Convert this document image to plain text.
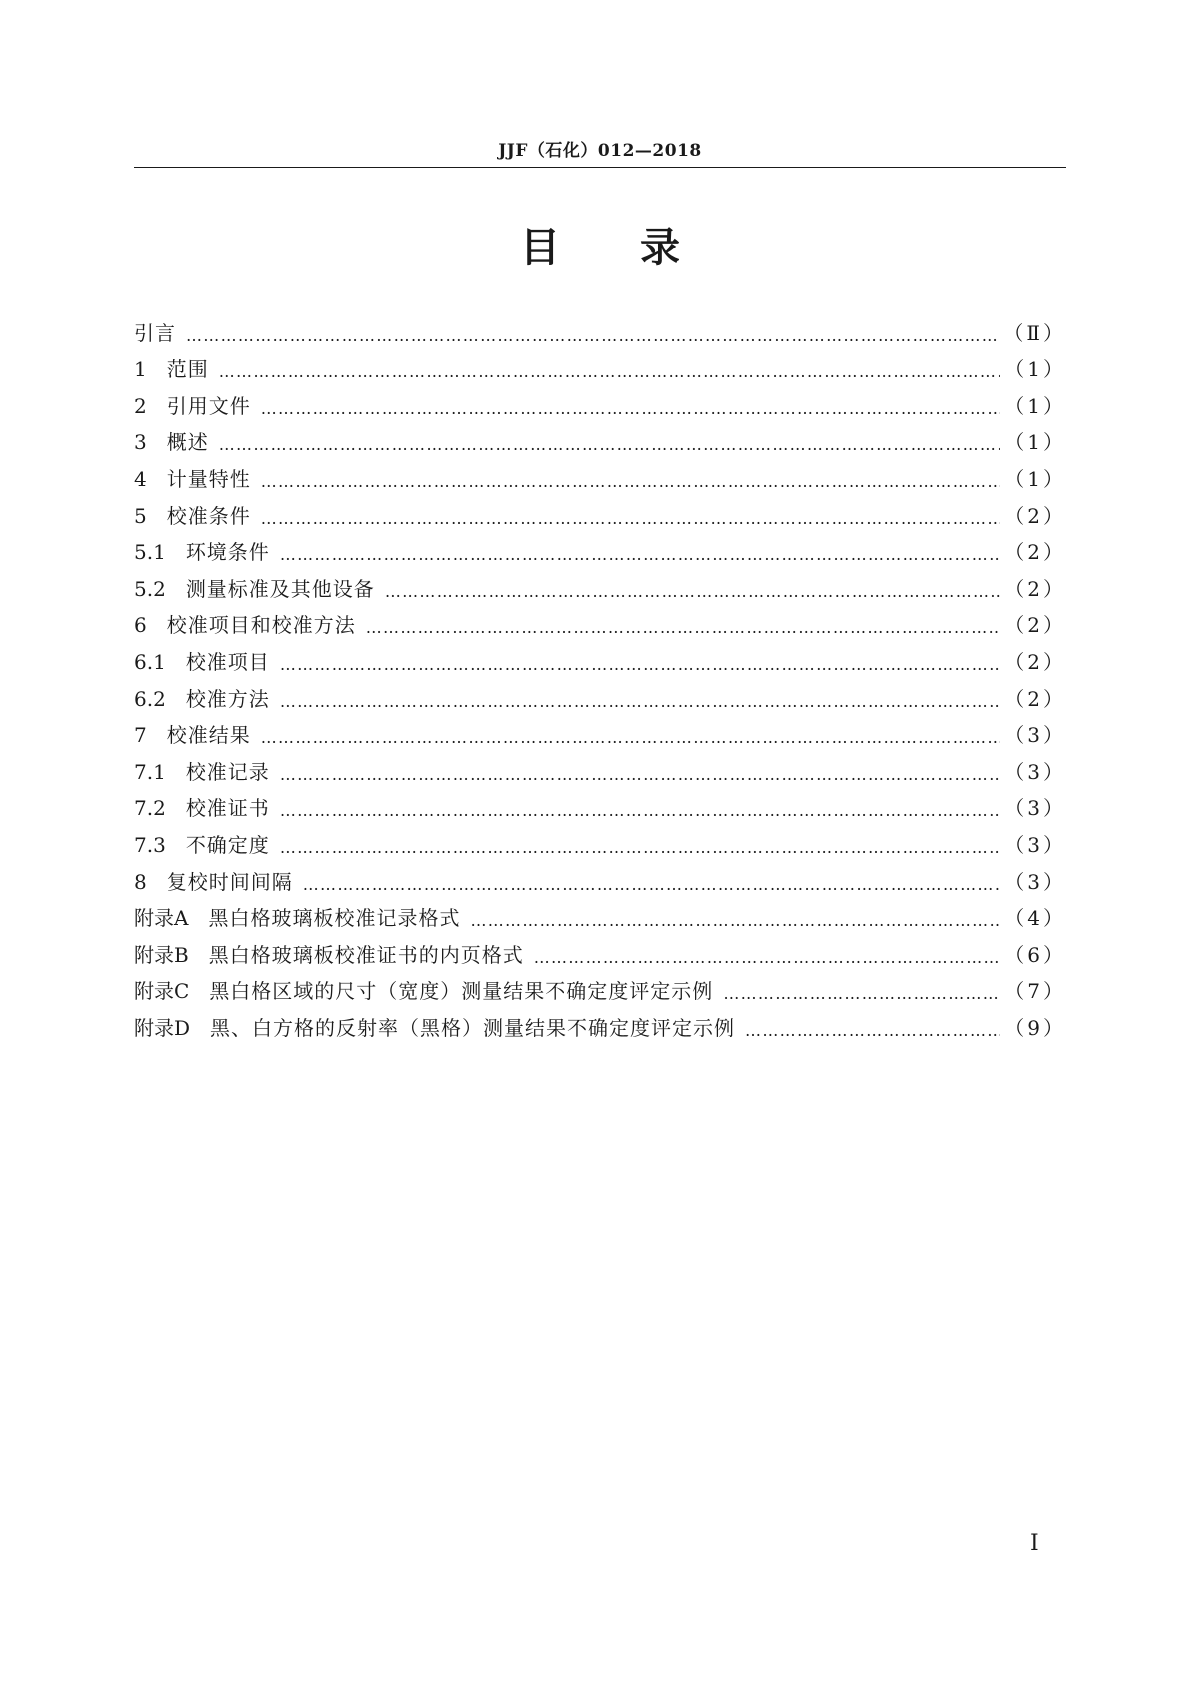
JJF（石化）012—2018
目　　录
引言 ……………………………………………………………………………………………………………………………………………………………………………………………………	（Ⅱ）
1　 范围 ……………………………………………………………………………………………………………………………………………………………………………………………………	（1）
2　 引用文件 ……………………………………………………………………………………………………………………………………………………………………………………………………	（1）
3　 概述 ……………………………………………………………………………………………………………………………………………………………………………………………………	（1）
4　 计量特性 ……………………………………………………………………………………………………………………………………………………………………………………………………	（1）
5　 校准条件 ……………………………………………………………………………………………………………………………………………………………………………………………………	（2）
5.1　 环境条件 ……………………………………………………………………………………………………………………………………………………………………………………………………	（2）
5.2　 测量标准及其他设备 ……………………………………………………………………………………………………………………………………………………………………………………………………	（2）
6　 校准项目和校准方法 ……………………………………………………………………………………………………………………………………………………………………………………………………	（2）
6.1　 校准项目 ……………………………………………………………………………………………………………………………………………………………………………………………………	（2）
6.2　 校准方法 ……………………………………………………………………………………………………………………………………………………………………………………………………	（2）
7　 校准结果 ……………………………………………………………………………………………………………………………………………………………………………………………………	（3）
7.1　 校准记录 ……………………………………………………………………………………………………………………………………………………………………………………………………	（3）
7.2　 校准证书 ……………………………………………………………………………………………………………………………………………………………………………………………………	（3）
7.3　 不确定度 ……………………………………………………………………………………………………………………………………………………………………………………………………	（3）
8　 复校时间间隔 ……………………………………………………………………………………………………………………………………………………………………………………………………	（3）
附录A　 黑白格玻璃板校准记录格式 ……………………………………………………………………………………………………………………………………………………………………………………………………	（4）
附录B　 黑白格玻璃板校准证书的内页格式 ……………………………………………………………………………………………………………………………………………………………………………………………………	（6）
附录C　 黑白格区域的尺寸（宽度）测量结果不确定度评定示例 ……………………………………………………………………………………………………………………………………………………………………………………………………	（7）
附录D　 黑、白方格的反射率（黑格）测量结果不确定度评定示例 ……………………………………………………………………………………………………………………………………………………………………………………………………	（9）
Ⅰ
